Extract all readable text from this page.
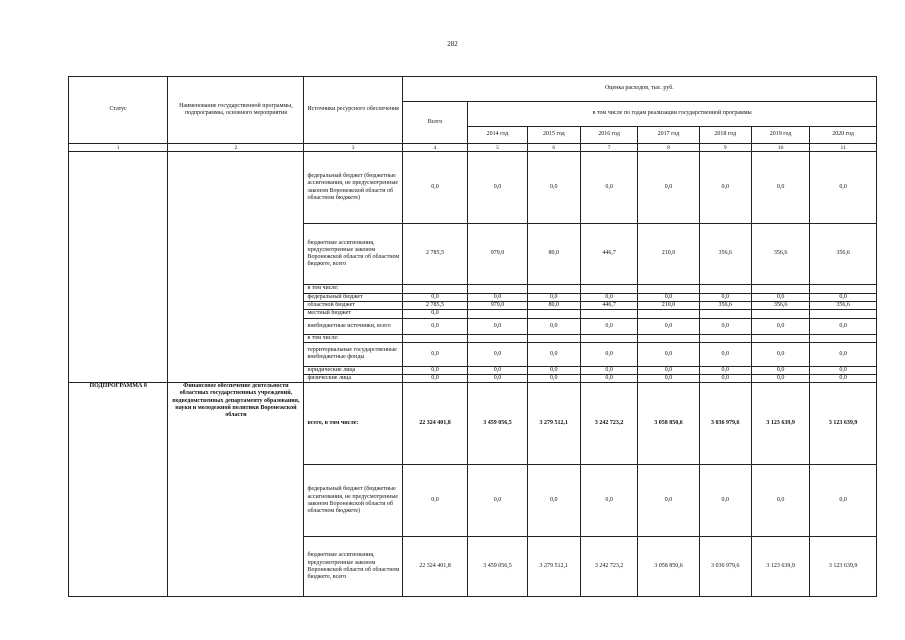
282
Статус	Наименование государственной программы, подпрограммы, основного мероприятия	Источники ресурсного обеспечения	Оценка расходов, тыс. руб.							
			Всего	в том числе по годам реализации государственной программы						
				2014 год	2015 год	2016 год	2017 год	2018 год	2019 год	2020 год
1	2	3	4	5	6	7	8	9	10	11
		федеральный бюджет (бюджетные ассигнования, не предусмотренные законом Воронежской области об областном бюджете)	0,0	0,0	0,0	0,0	0,0	0,0	0,0	0,0
		бюджетные ассигнования, предусмотренные законом Воронежской области об областном бюджете, всего	2 785,5	979,0	80,0	446,7	210,0	356,6	356,6	356,6
		в том числе:								
		федеральный бюджет	0,0	0,0	0,0	0,0	0,0	0,0	0,0	0,0
		областной бюджет	2 785,5	979,0	80,0	446,7	210,0	356,6	356,6	356,6
		местный бюджет	0,0							
		внебюджетные источники, всего	0,0	0,0	0,0	0,0	0,0	0,0	0,0	0,0
		в том числе:								
		территориальные государственные внебюджетные фонды	0,0	0,0	0,0	0,0	0,0	0,0	0,0	0,0
		юридические лица	0,0	0,0	0,0	0,0	0,0	0,0	0,0	0,0
		физические лица	0,0	0,0	0,0	0,0	0,0	0,0	0,0	0,0
ПОДПРОГРАММА 8	Финансовое обеспечение деятельности областных государственных учреждений, подведомственных департаменту образования, науки и молодежной политики Воронежской области	всего, в том числе:	22 324 401,8	3 459 056,5	3 279 512,1	3 242 723,2	3 058 850,6	3 036 979,6	3 123 639,9	3 123 639,9
		федеральный бюджет (бюджетные ассигнования, не предусмотренные законом Воронежской области об областном бюджете)	0,0	0,0	0,0	0,0	0,0	0,0	0,0	0,0
		бюджетные ассигнования, предусмотренные законом Воронежской области об областном бюджете, всего	22 324 401,8	3 459 056,5	3 279 512,1	3 242 723,2	3 058 850,6	3 036 979,6	3 123 639,9	3 123 639,9
